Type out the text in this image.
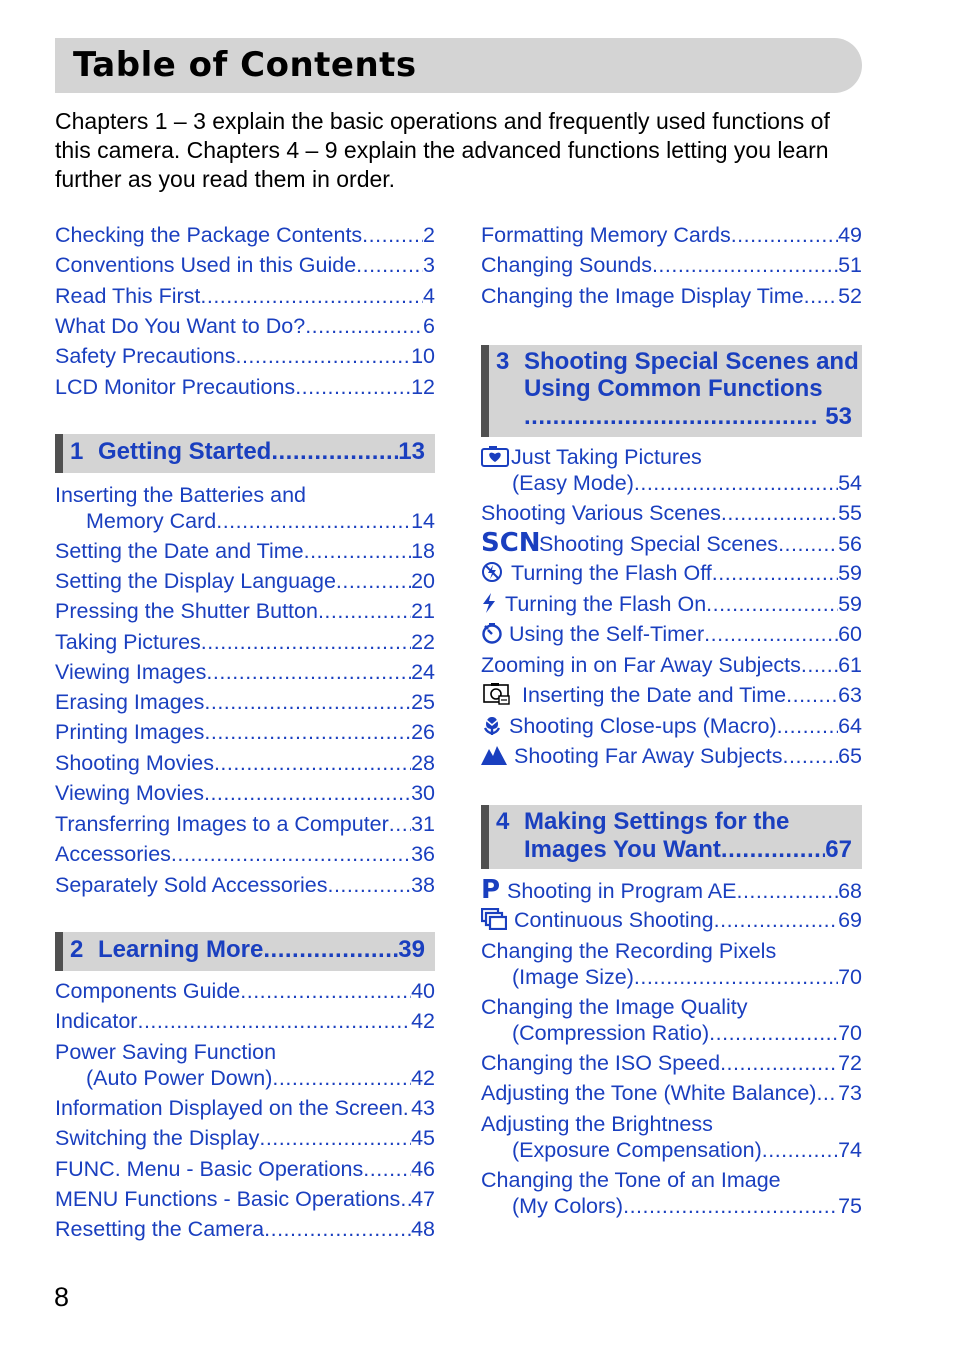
Table of Contents

Chapters 1 – 3 explain the basic operations and frequently used functions of this camera. Chapters 4 – 9 explain the advanced functions letting you learn further as you read them in order.

Checking the Package Contents .....	2
Conventions Used in this Guide .....	3
Read This First .....	4
What Do You Want to Do? .....	6
Safety Precautions .....	10
LCD Monitor Precautions .....	12
1 Getting Started .....	13
Inserting the Batteries and
Memory Card .....	14
Setting the Date and Time .....	18
Setting the Display Language .....	20
Pressing the Shutter Button .....	21
Taking Pictures .....	22
Viewing Images .....	24
Erasing Images .....	25
Printing Images .....	26
Shooting Movies .....	28
Viewing Movies .....	30
Transferring Images to a Computer ..... 31
Accessories .....	36
Separately Sold Accessories .....	38
2 Learning More .....	39
Components Guide .....	40
Indicator .....	42
Power Saving Function
(Auto Power Down) .....	42
Information Displayed on the Screen ..... 43
Switching the Display .....	45
FUNC. Menu - Basic Operations ..... 46
MENU Functions - Basic Operations ..... 47
Resetting the Camera .....	48
Formatting Memory Cards .....	49
Changing Sounds .....	51
Changing the Image Display Time ..... 52
3 Shooting Special Scenes and
Using Common Functions
.....
53
Just Taking Pictures
(Easy Mode) .....	54
Shooting Various Scenes .....	55
SCN
Shooting Special Scenes .....	56
Turning the Flash Off .....	59
Turning the Flash On .....	59
Using the Self-Timer .....	60
Zooming in on Far Away Subjects ..... 61
Inserting the Date and Time ..... 63
Shooting Close-ups (Macro) .....	64
Shooting Far Away Subjects .....	65
4 Making Settings for the
Images You Want .....	67
P Shooting in Program AE .....	68
Continuous Shooting .....	69
Changing the Recording Pixels
(Image Size) .....	70
Changing the Image Quality
(Compression Ratio) .....	70
Changing the ISO Speed .....	72
Adjusting the Tone (White Balance) ..... 73
Adjusting the Brightness
(Exposure Compensation) .....	74
Changing the Tone of an Image
(My Colors) .....	75

8
